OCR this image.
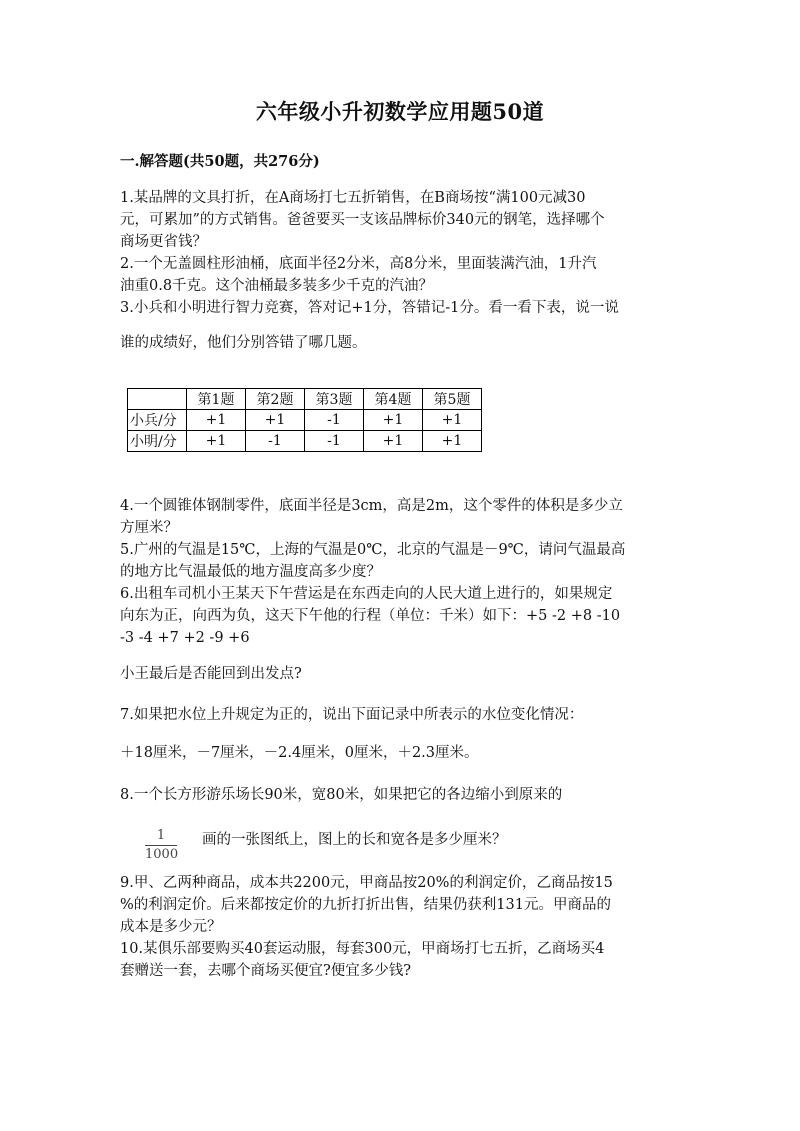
六年级小升初数学应用题50道
一.解答题(共50题，共276分)
1.某品牌的文具打折，在A商场打七五折销售，在B商场按“满100元减30
元，可累加”的方式销售。爸爸要买一支该品牌标价340元的钢笔，选择哪个
商场更省钱？
2.一个无盖圆柱形油桶，底面半径2分米，高8分米，里面装满汽油，1升汽
油重0.8千克。这个油桶最多装多少千克的汽油？
3.小兵和小明进行智力竞赛，答对记+1分，答错记-1分。看一看下表，说一说
谁的成绩好，他们分别答错了哪几题。
	第1题	第2题	第3题	第4题	第5题
小兵/分	+1	+1	-1	+1	+1
小明/分	+1	-1	-1	+1	+1
4.一个圆锥体钢制零件，底面半径是3cm，高是2m，这个零件的体积是多少立
方厘米？
5.广州的气温是15℃，上海的气温是0℃，北京的气温是－9℃，请问气温最高
的地方比气温最低的地方温度高多少度？
6.出租车司机小王某天下午营运是在东西走向的人民大道上进行的，如果规定
向东为正，向西为负，这天下午他的行程（单位：千米）如下：+5 -2 +8 -10
-3 -4 +7 +2 -9 +6
小王最后是否能回到出发点?
7.如果把水位上升规定为正的，说出下面记录中所表示的水位变化情况：
＋18厘米，－7厘米，－2.4厘米，0厘米，＋2.3厘米。
8.一个长方形游乐场长90米，宽80米，如果把它的各边缩小到原来的
1
1000
画的一张图纸上，图上的长和宽各是多少厘米？
9.甲、乙两种商品，成本共2200元，甲商品按20%的利润定价，乙商品按15
%的利润定价。后来都按定价的九折打折出售，结果仍获利131元。甲商品的
成本是多少元？
10.某俱乐部要购买40套运动服，每套300元，甲商场打七五折，乙商场买4
套赠送一套，去哪个商场买便宜?便宜多少钱?
